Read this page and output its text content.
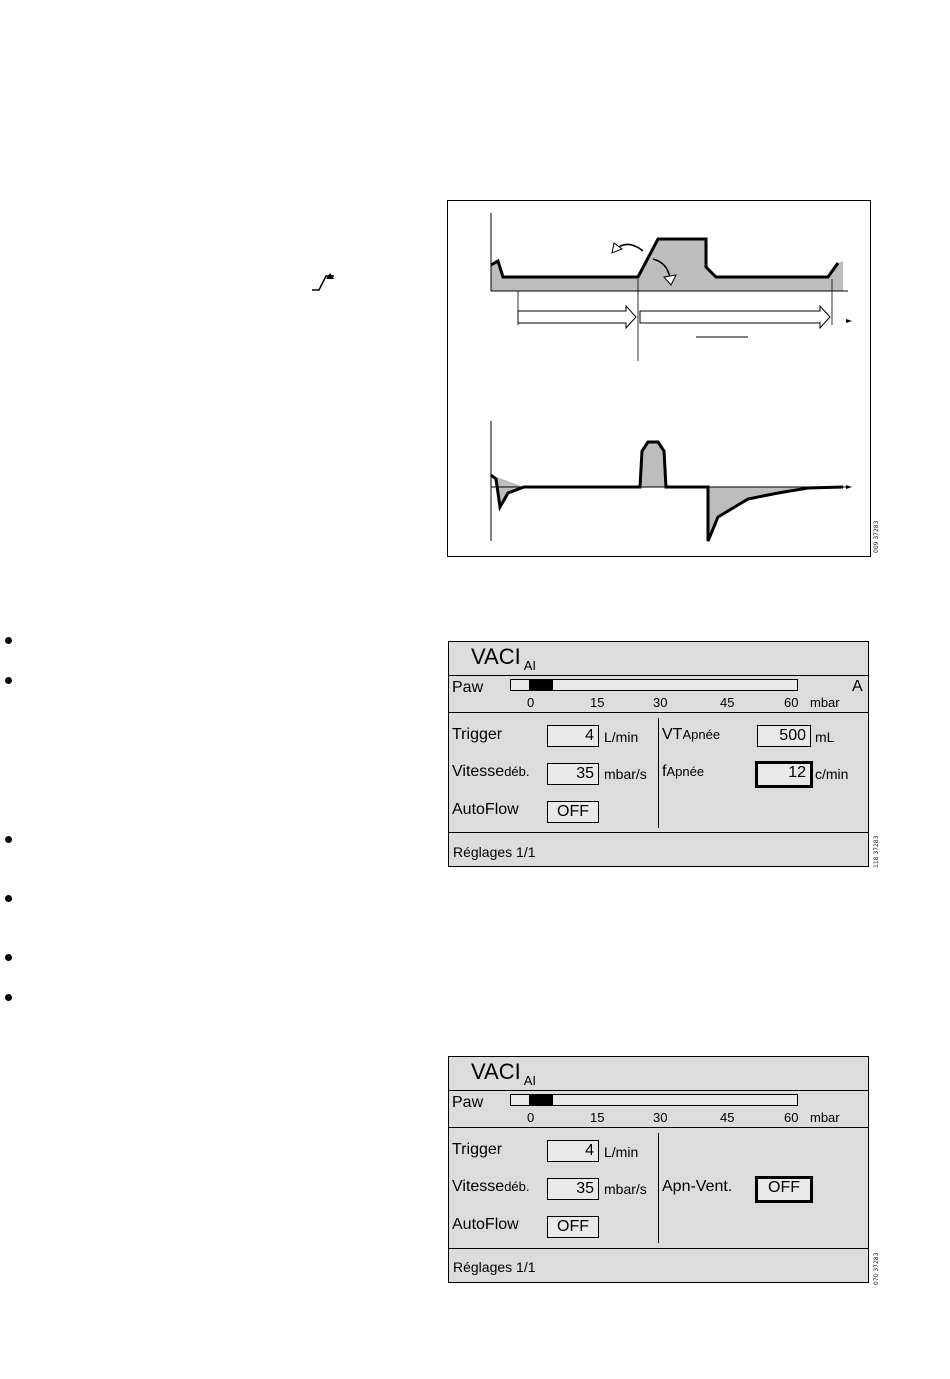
009 37283
VACI $_{AI}$
Paw	A
0	15	30	45	60 mbar
Trigger	4 L/min
Vitessedéb.	35 mbar/s
AutoFlow	OFF
VTApnée	500 mL
fApnée	12 c/min
Réglages 1/1	118 37283
VACI $_{AI}$
Paw
0	15	30	45	60 mbar
Trigger	4 L/min
Vitessedéb.	35 mbar/s
AutoFlow	OFF
Apn-Vent.	OFF
Réglages 1/1	070 37283
